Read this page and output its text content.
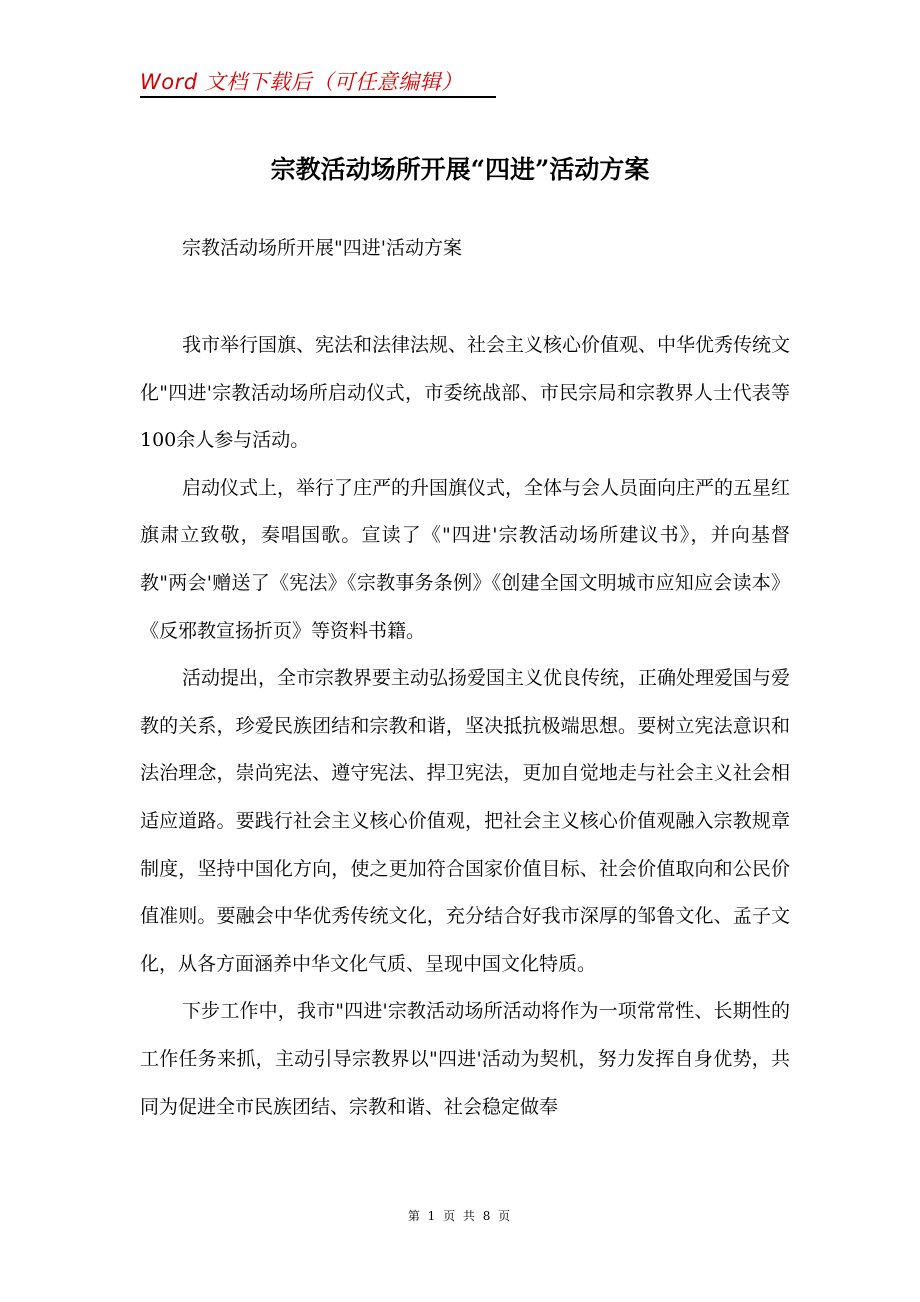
Word 文档下载后（可任意编辑）
宗教活动场所开展“四进”活动方案
宗教活动场所开展"四进'活动方案

我市举行国旗、宪法和法律法规、社会主义核心价值观、中华优秀传统文化"四进'宗教活动场所启动仪式，市委统战部、市民宗局和宗教界人士代表等100余人参与活动。

启动仪式上，举行了庄严的升国旗仪式，全体与会人员面向庄严的五星红旗肃立致敬，奏唱国歌。宣读了《"四进'宗教活动场所建议书》，并向基督教"两会'赠送了《宪法》《宗教事务条例》《创建全国文明城市应知应会读本》《反邪教宣扬折页》等资料书籍。

活动提出，全市宗教界要主动弘扬爱国主义优良传统，正确处理爱国与爱教的关系，珍爱民族团结和宗教和谐，坚决抵抗极端思想。要树立宪法意识和法治理念，崇尚宪法、遵守宪法、捍卫宪法，更加自觉地走与社会主义社会相适应道路。要践行社会主义核心价值观，把社会主义核心价值观融入宗教规章制度，坚持中国化方向，使之更加符合国家价值目标、社会价值取向和公民价值准则。要融会中华优秀传统文化，充分结合好我市深厚的邹鲁文化、孟子文化，从各方面涵养中华文化气质、呈现中国文化特质。

下步工作中，我市"四进'宗教活动场所活动将作为一项常常性、长期性的工作任务来抓，主动引导宗教界以"四进'活动为契机，努力发挥自身优势，共同为促进全市民族团结、宗教和谐、社会稳定做奉

第 1 页 共 8 页
